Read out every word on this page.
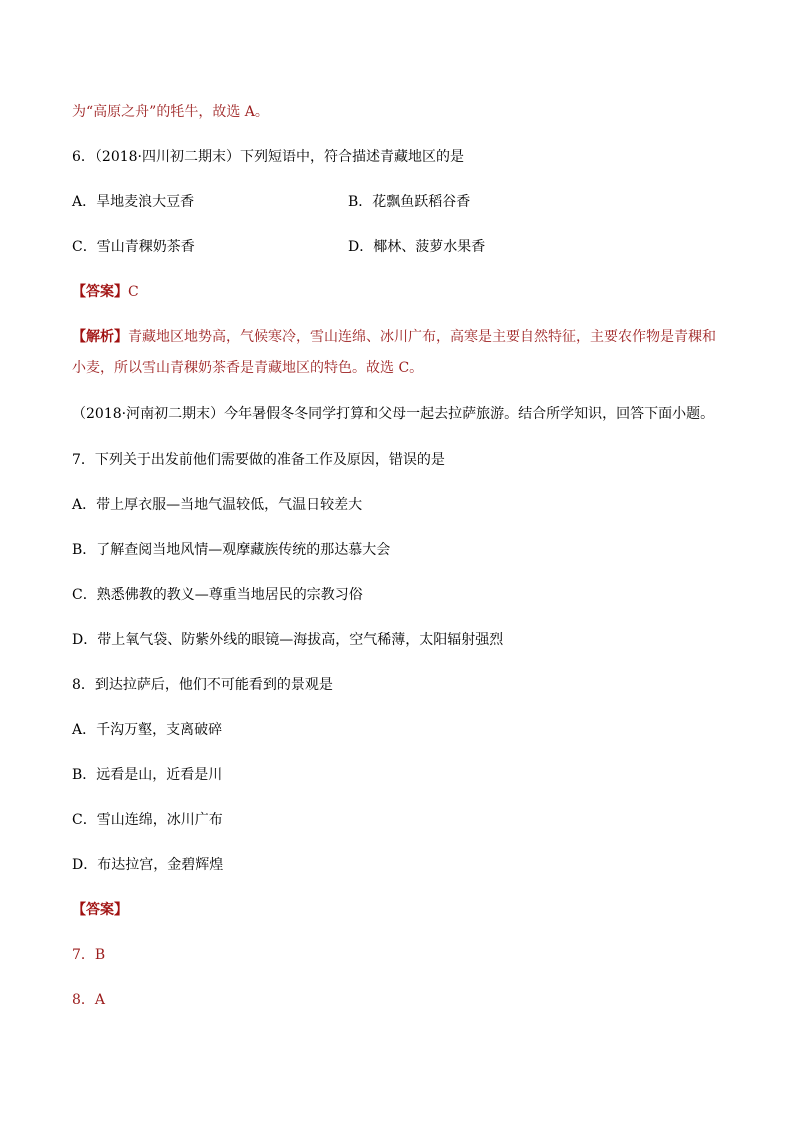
为“高原之舟”的牦牛，故选 A。
6．（2018·四川初二期末）下列短语中，符合描述青藏地区的是
A．旱地麦浪大豆香	B．花飘鱼跃稻谷香
C．雪山青稞奶茶香	D．椰林、菠萝水果香
【答案】C
【解析】青藏地区地势高，气候寒冷，雪山连绵、冰川广布，高寒是主要自然特征，主要农作物是青稞和
小麦，所以雪山青稞奶茶香是青藏地区的特色。故选 C。
（2018·河南初二期末）今年暑假冬冬同学打算和父母一起去拉萨旅游。结合所学知识，回答下面小题。
7．下列关于出发前他们需要做的准备工作及原因，错误的是
A．带上厚衣服—当地气温较低，气温日较差大
B．了解查阅当地风情—观摩藏族传统的那达慕大会
C．熟悉佛教的教义—尊重当地居民的宗教习俗
D．带上氧气袋、防紫外线的眼镜—海拔高，空气稀薄，太阳辐射强烈
8．到达拉萨后，他们不可能看到的景观是
A．千沟万壑，支离破碎
B．远看是山，近看是川
C．雪山连绵，冰川广布
D．布达拉宫，金碧辉煌
【答案】
7．B
8．A
